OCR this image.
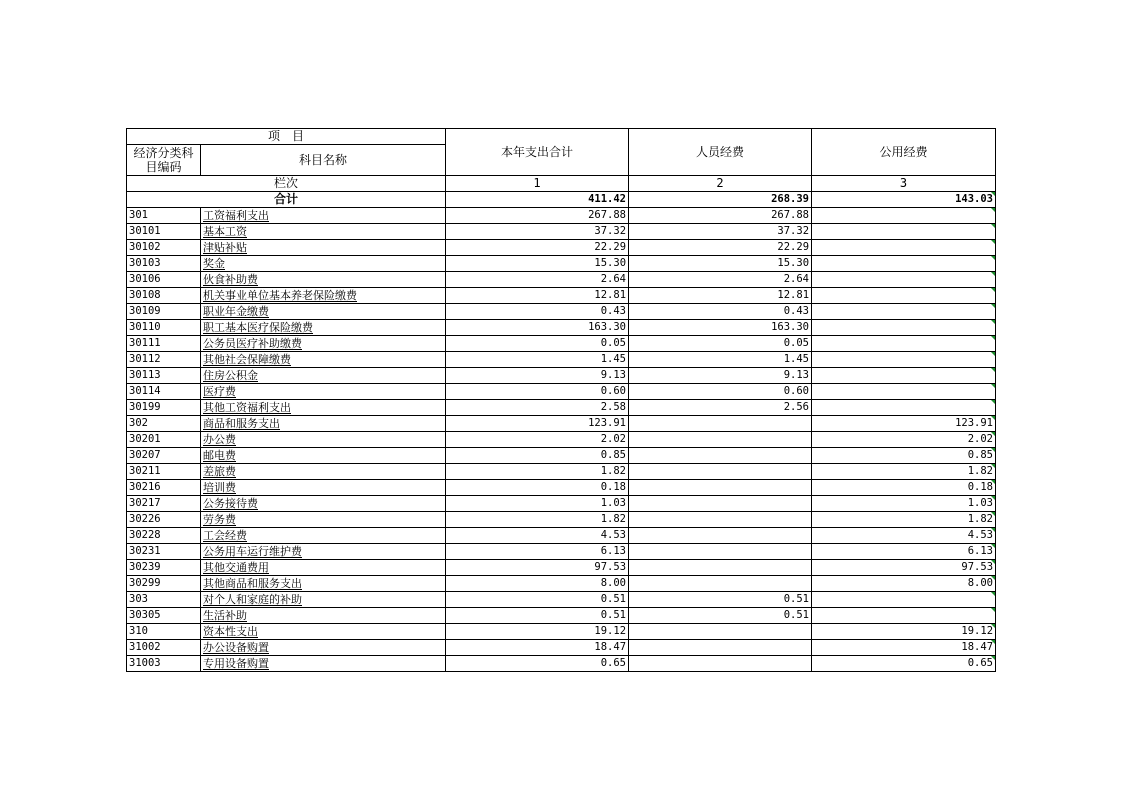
项　目		本年支出合计	人员经费	公用经费
经济分类科目编码	科目名称			
栏次		1	2	3
合计		411.42	268.39	143.03
301	工资福利支出	267.88	267.88	
30101	基本工资	37.32	37.32	
30102	津贴补贴	22.29	22.29	
30103	奖金	15.30	15.30	
30106	伙食补助费	2.64	2.64	
30108	机关事业单位基本养老保险缴费	12.81	12.81	
30109	职业年金缴费	0.43	0.43	
30110	职工基本医疗保险缴费	163.30	163.30	
30111	公务员医疗补助缴费	0.05	0.05	
30112	其他社会保障缴费	1.45	1.45	
30113	住房公积金	9.13	9.13	
30114	医疗费	0.60	0.60	
30199	其他工资福利支出	2.58	2.56	
302	商品和服务支出	123.91		123.91
30201	办公费	2.02		2.02
30207	邮电费	0.85		0.85
30211	差旅费	1.82		1.82
30216	培训费	0.18		0.18
30217	公务接待费	1.03		1.03
30226	劳务费	1.82		1.82
30228	工会经费	4.53		4.53
30231	公务用车运行维护费	6.13		6.13
30239	其他交通费用	97.53		97.53
30299	其他商品和服务支出	8.00		8.00
303	对个人和家庭的补助	0.51	0.51	
30305	生活补助	0.51	0.51	
310	资本性支出	19.12		19.12
31002	办公设备购置	18.47		18.47
31003	专用设备购置	0.65		0.65
